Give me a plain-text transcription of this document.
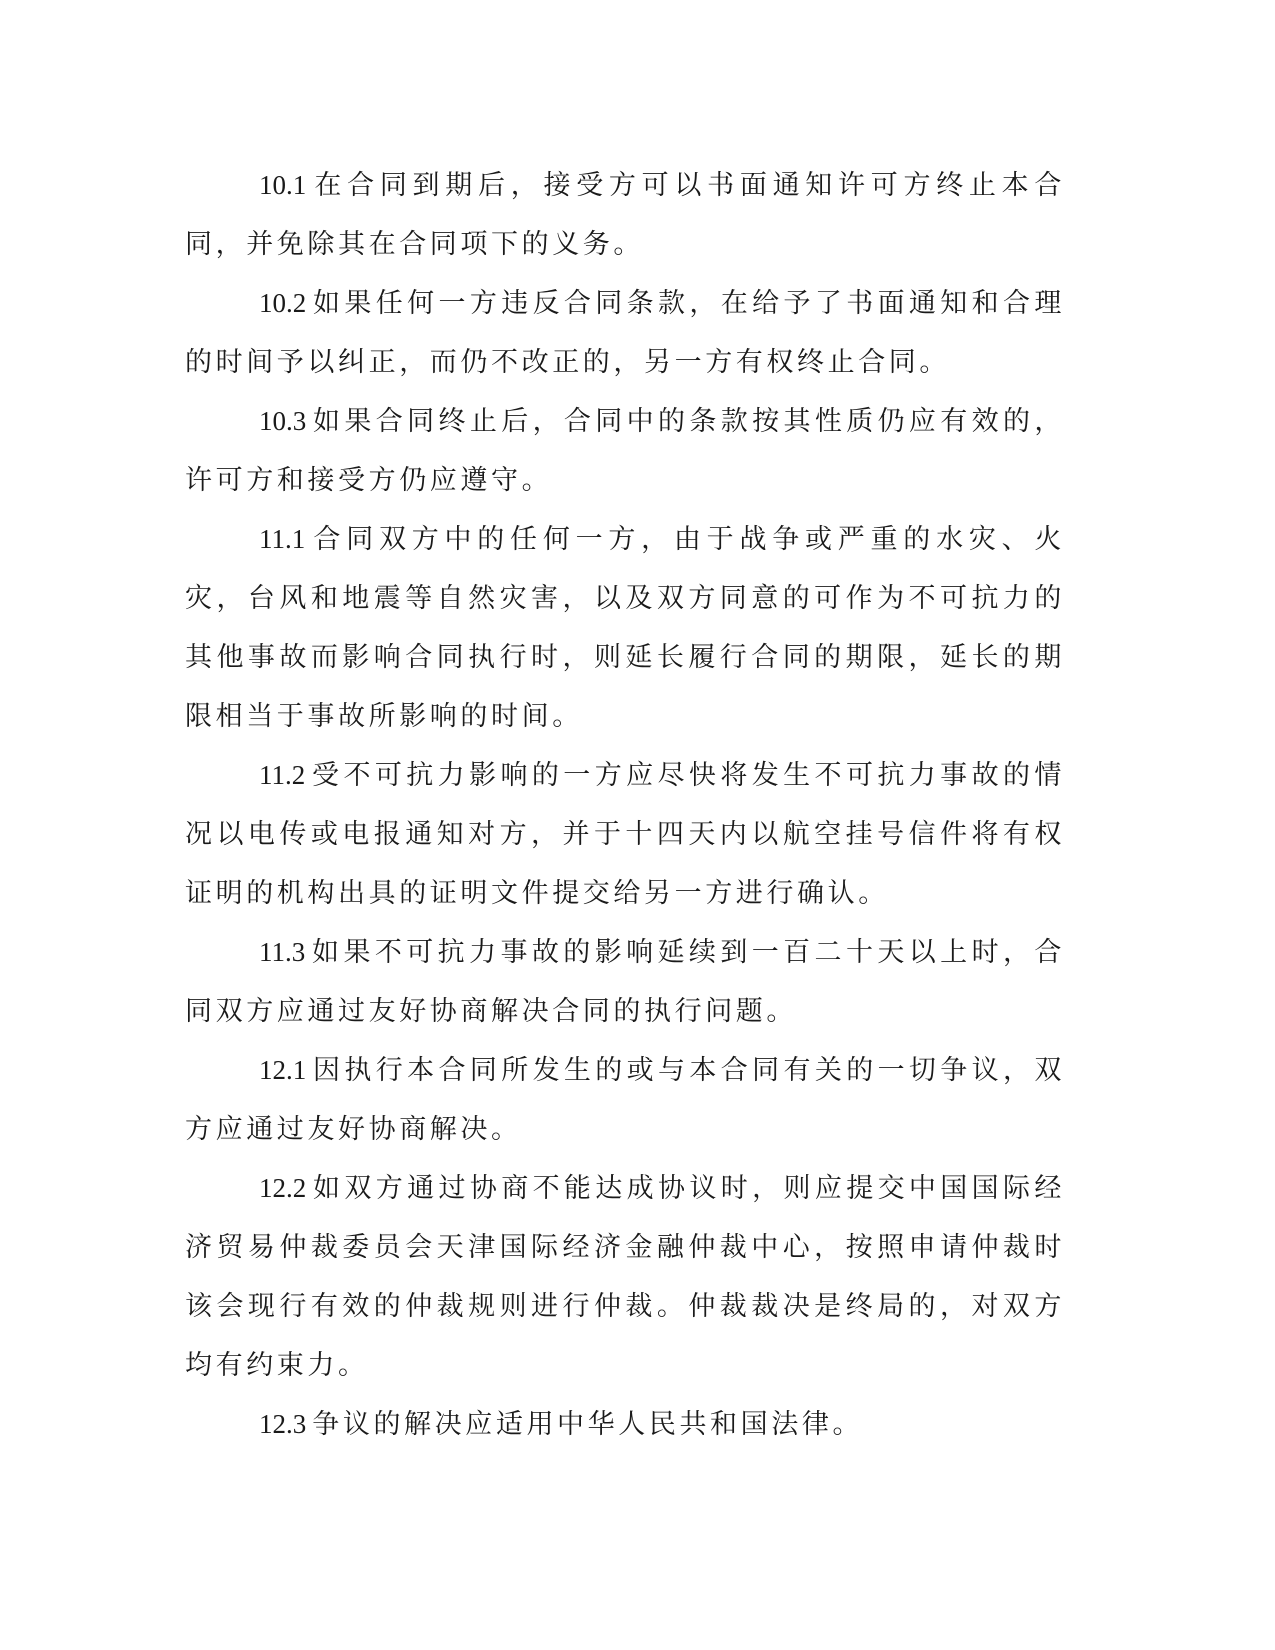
10.1 在合同到期后，接受方可以书面通知许可方终止本合同，并免除其在合同项下的义务。

10.2 如果任何一方违反合同条款，在给予了书面通知和合理的时间予以纠正，而仍不改正的，另一方有权终止合同。

10.3 如果合同终止后，合同中的条款按其性质仍应有效的，许可方和接受方仍应遵守。

11.1 合同双方中的任何一方，由于战争或严重的水灾、火灾，台风和地震等自然灾害，以及双方同意的可作为不可抗力的其他事故而影响合同执行时，则延长履行合同的期限，延长的期限相当于事故所影响的时间。

11.2 受不可抗力影响的一方应尽快将发生不可抗力事故的情况以电传或电报通知对方，并于十四天内以航空挂号信件将有权证明的机构出具的证明文件提交给另一方进行确认。

11.3 如果不可抗力事故的影响延续到一百二十天以上时，合同双方应通过友好协商解决合同的执行问题。

12.1 因执行本合同所发生的或与本合同有关的一切争议，双方应通过友好协商解决。

12.2 如双方通过协商不能达成协议时，则应提交中国国际经济贸易仲裁委员会天津国际经济金融仲裁中心，按照申请仲裁时该会现行有效的仲裁规则进行仲裁。仲裁裁决是终局的，对双方均有约束力。

12.3 争议的解决应适用中华人民共和国法律。
